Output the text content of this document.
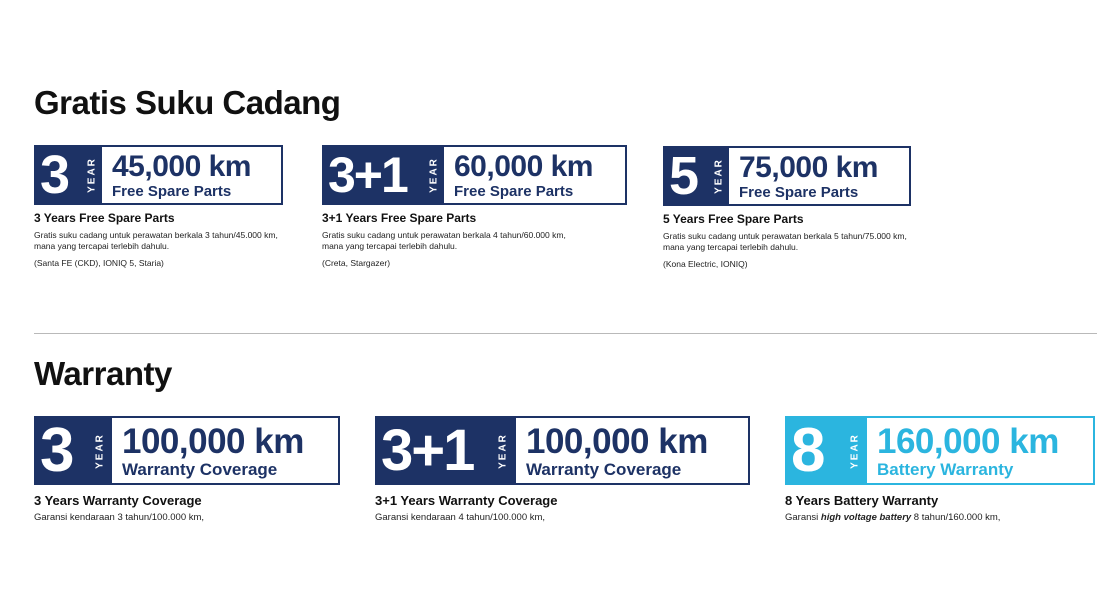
Gratis Suku Cadang
3 YEAR 45,000 km
Free Spare Parts
3 Years Free Spare Parts
Gratis suku cadang untuk perawatan berkala 3 tahun/45.000 km, mana yang tercapai terlebih dahulu.
(Santa FE (CKD), IONIQ 5, Staria)
3+1 YEAR 60,000 km
Free Spare Parts
3+1 Years Free Spare Parts
Gratis suku cadang untuk perawatan berkala 4 tahun/60.000 km, mana yang tercapai terlebih dahulu.
(Creta, Stargazer)
5 YEAR 75,000 km
Free Spare Parts
5 Years Free Spare Parts
Gratis suku cadang untuk perawatan berkala 5 tahun/75.000 km, mana yang tercapai terlebih dahulu.
(Kona Electric, IONIQ)
Warranty
3 YEAR 100,000 km
Warranty Coverage
3 Years Warranty Coverage
Garansi kendaraan 3 tahun/100.000 km,
3+1 YEAR 100,000 km
Warranty Coverage
3+1 Years Warranty Coverage
Garansi kendaraan 4 tahun/100.000 km,
8	YEAR 160,000 km
Battery Warranty
8 Years Battery Warranty
Garansi high voltage battery 8 tahun/160.000 km,
